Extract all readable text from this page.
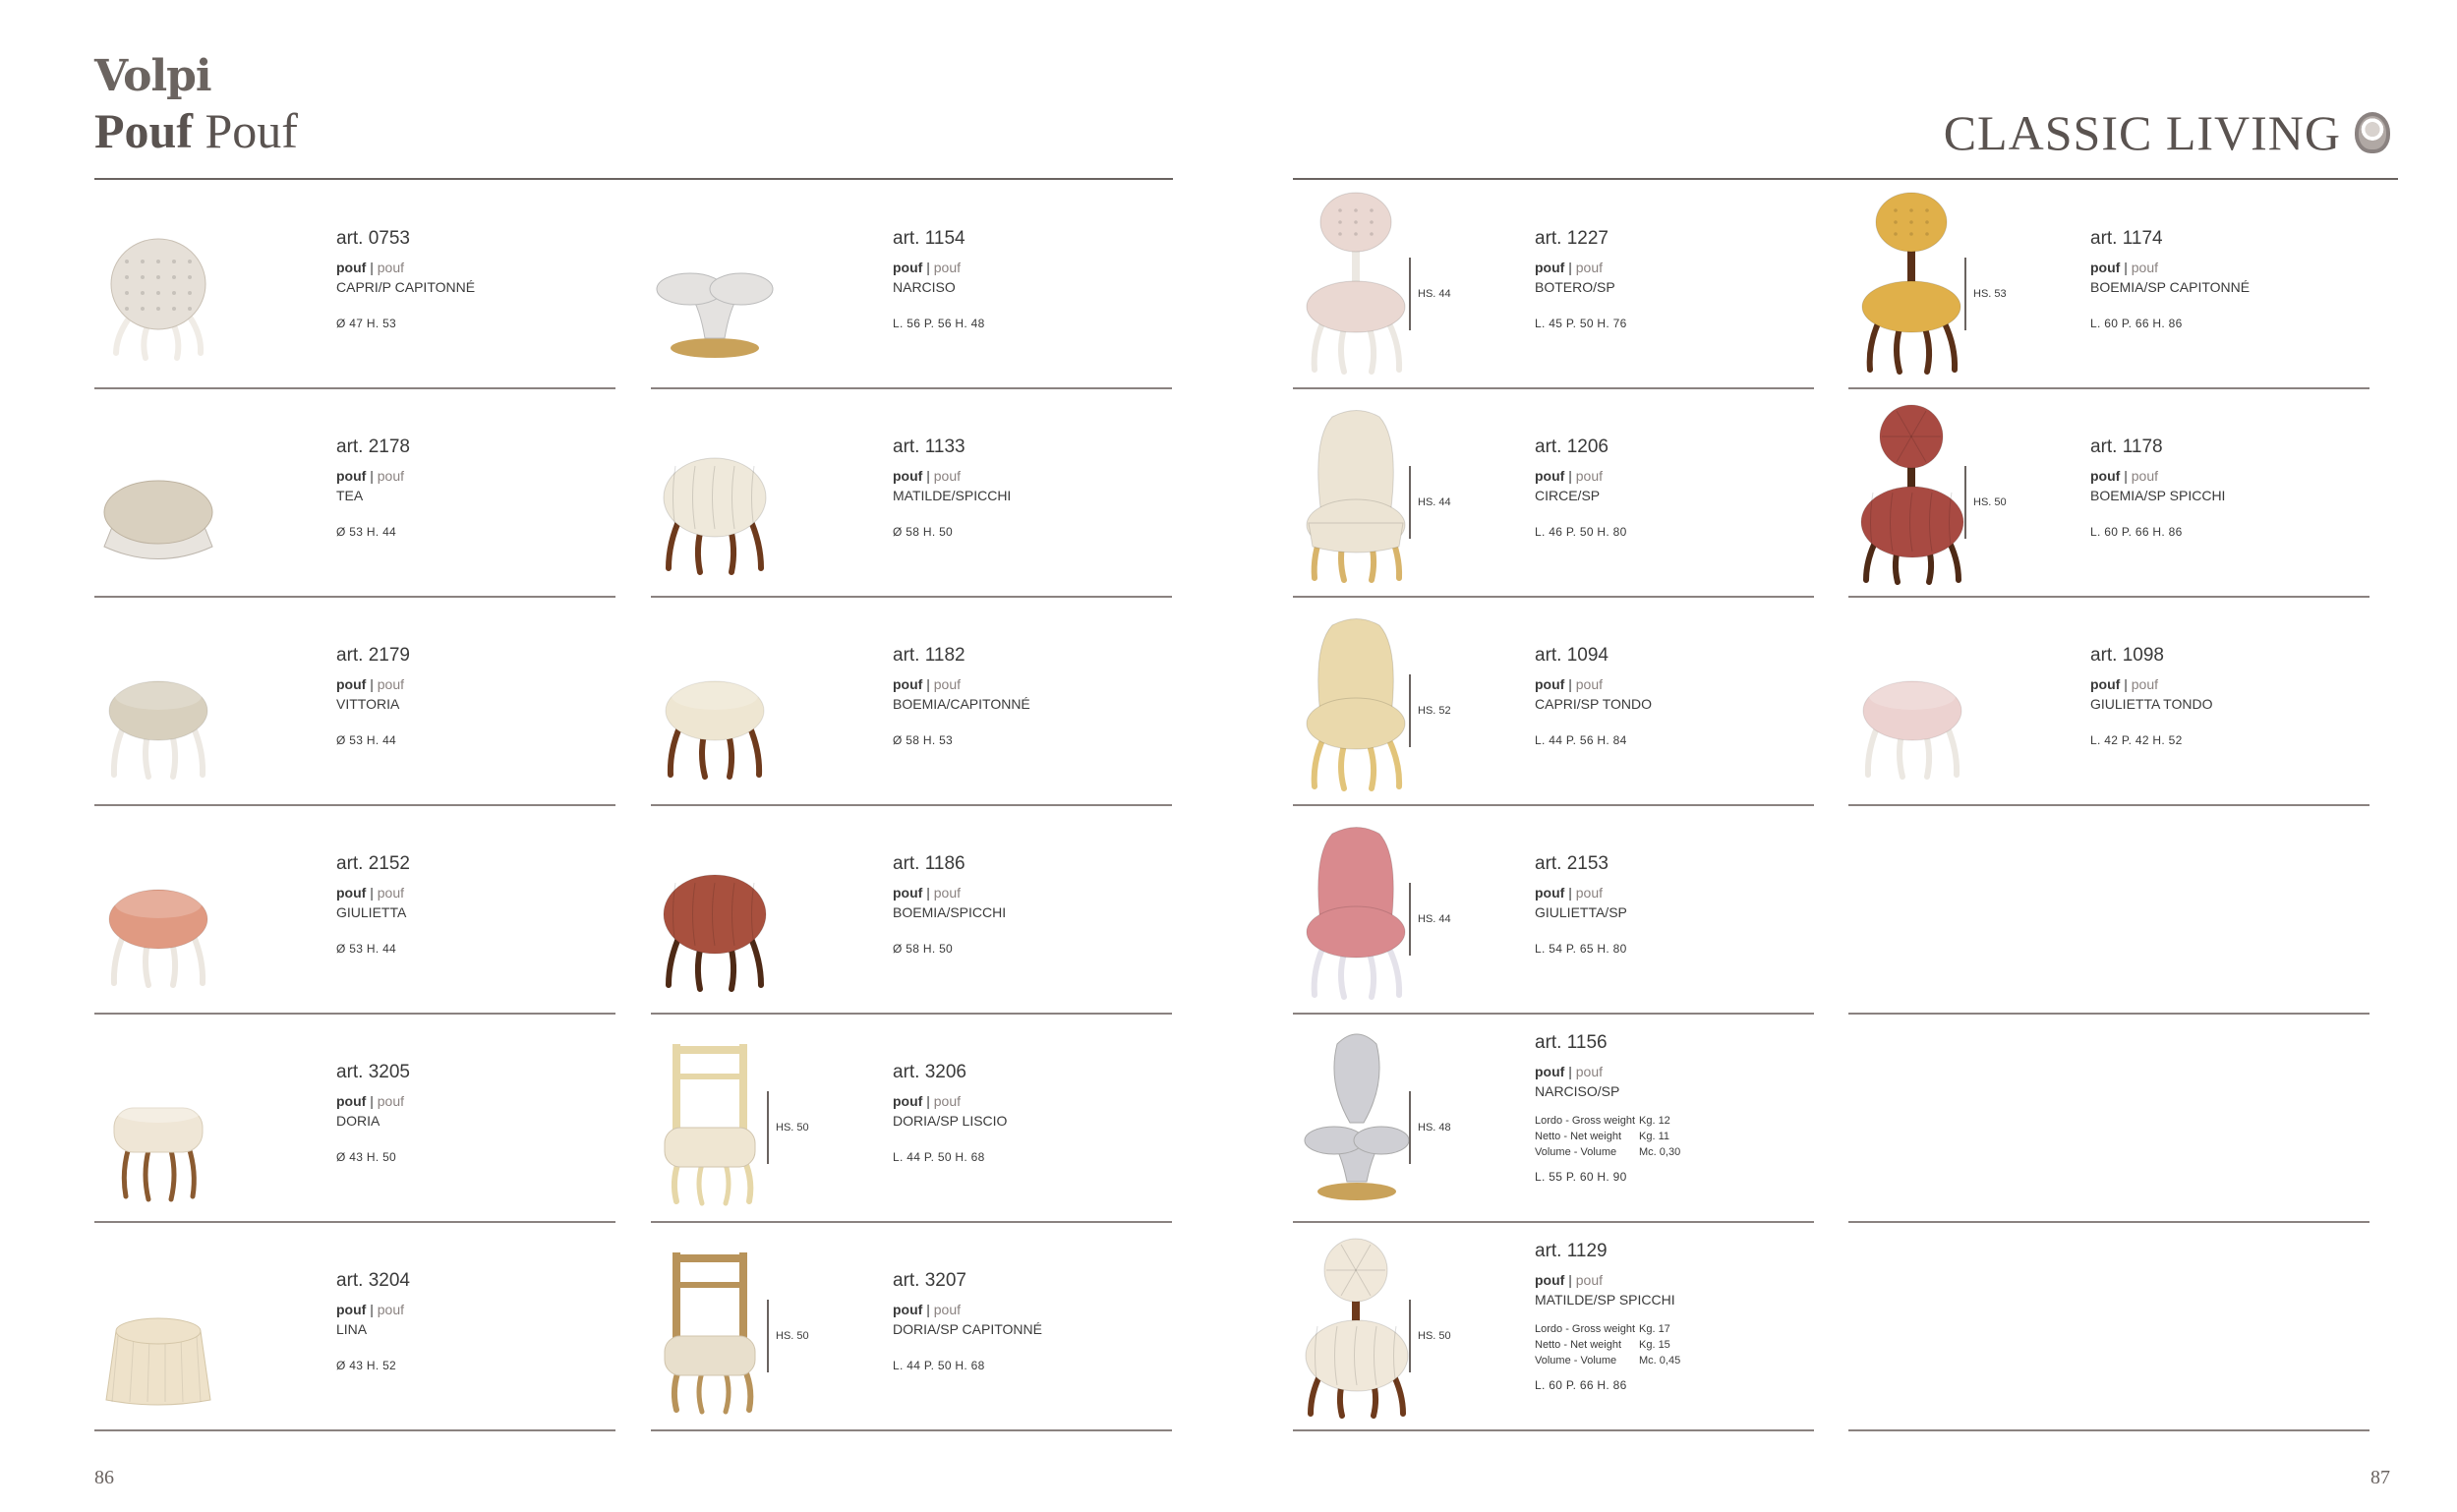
Volpi
Pouf Pouf
art. 0753
pouf | pouf
CAPRI/P CAPITONNÉ
Ø 47 H. 53
art. 2178
pouf | pouf
TEA
Ø 53 H. 44
art. 2179
pouf | pouf
VITTORIA
Ø 53 H. 44
art. 2152
pouf | pouf
GIULIETTA
Ø 53 H. 44
art. 3205
pouf | pouf
DORIA
Ø 43 H. 50
art. 3204
pouf | pouf
LINA
Ø 43 H. 52
art. 1154
pouf | pouf
NARCISO
L. 56 P. 56 H. 48
art. 1133
pouf | pouf
MATILDE/SPICCHI
Ø 58 H. 50
art. 1182
pouf | pouf
BOEMIA/CAPITONNÉ
Ø 58 H. 53
art. 1186
pouf | pouf
BOEMIA/SPICCHI
Ø 58 H. 50
HS. 50
art. 3206
pouf | pouf
DORIA/SP LISCIO
L. 44 P. 50 H. 68
HS. 50
art. 3207
pouf | pouf
DORIA/SP CAPITONNÉ
L. 44 P. 50 H. 68
86
CLASSIC LIVING
HS. 44
art. 1227
pouf | pouf
BOTERO/SP
L. 45 P. 50 H. 76
HS. 44
art. 1206
pouf | pouf
CIRCE/SP
L. 46 P. 50 H. 80
HS. 52
art. 1094
pouf | pouf
CAPRI/SP TONDO
L. 44 P. 56 H. 84
HS. 44
art. 2153
pouf | pouf
GIULIETTA/SP
L. 54 P. 65 H. 80
HS. 48
art. 1156
pouf | pouf
NARCISO/SP
Lordo - Gross weight Kg. 12
Netto - Net weight	Kg. 11
Volume - Volume	Mc. 0,30
L. 55 P. 60 H. 90
HS. 50
art. 1129
pouf | pouf
MATILDE/SP SPICCHI
Lordo - Gross weight Kg. 17
Netto - Net weight	Kg. 15
Volume - Volume	Mc. 0,45
L. 60 P. 66 H. 86
HS. 53
art. 1174
pouf | pouf
BOEMIA/SP CAPITONNÉ
L. 60 P. 66 H. 86
HS. 50
art. 1178
pouf | pouf
BOEMIA/SP SPICCHI
L. 60 P. 66 H. 86
art. 1098
pouf | pouf
GIULIETTA TONDO
L. 42 P. 42 H. 52
87
